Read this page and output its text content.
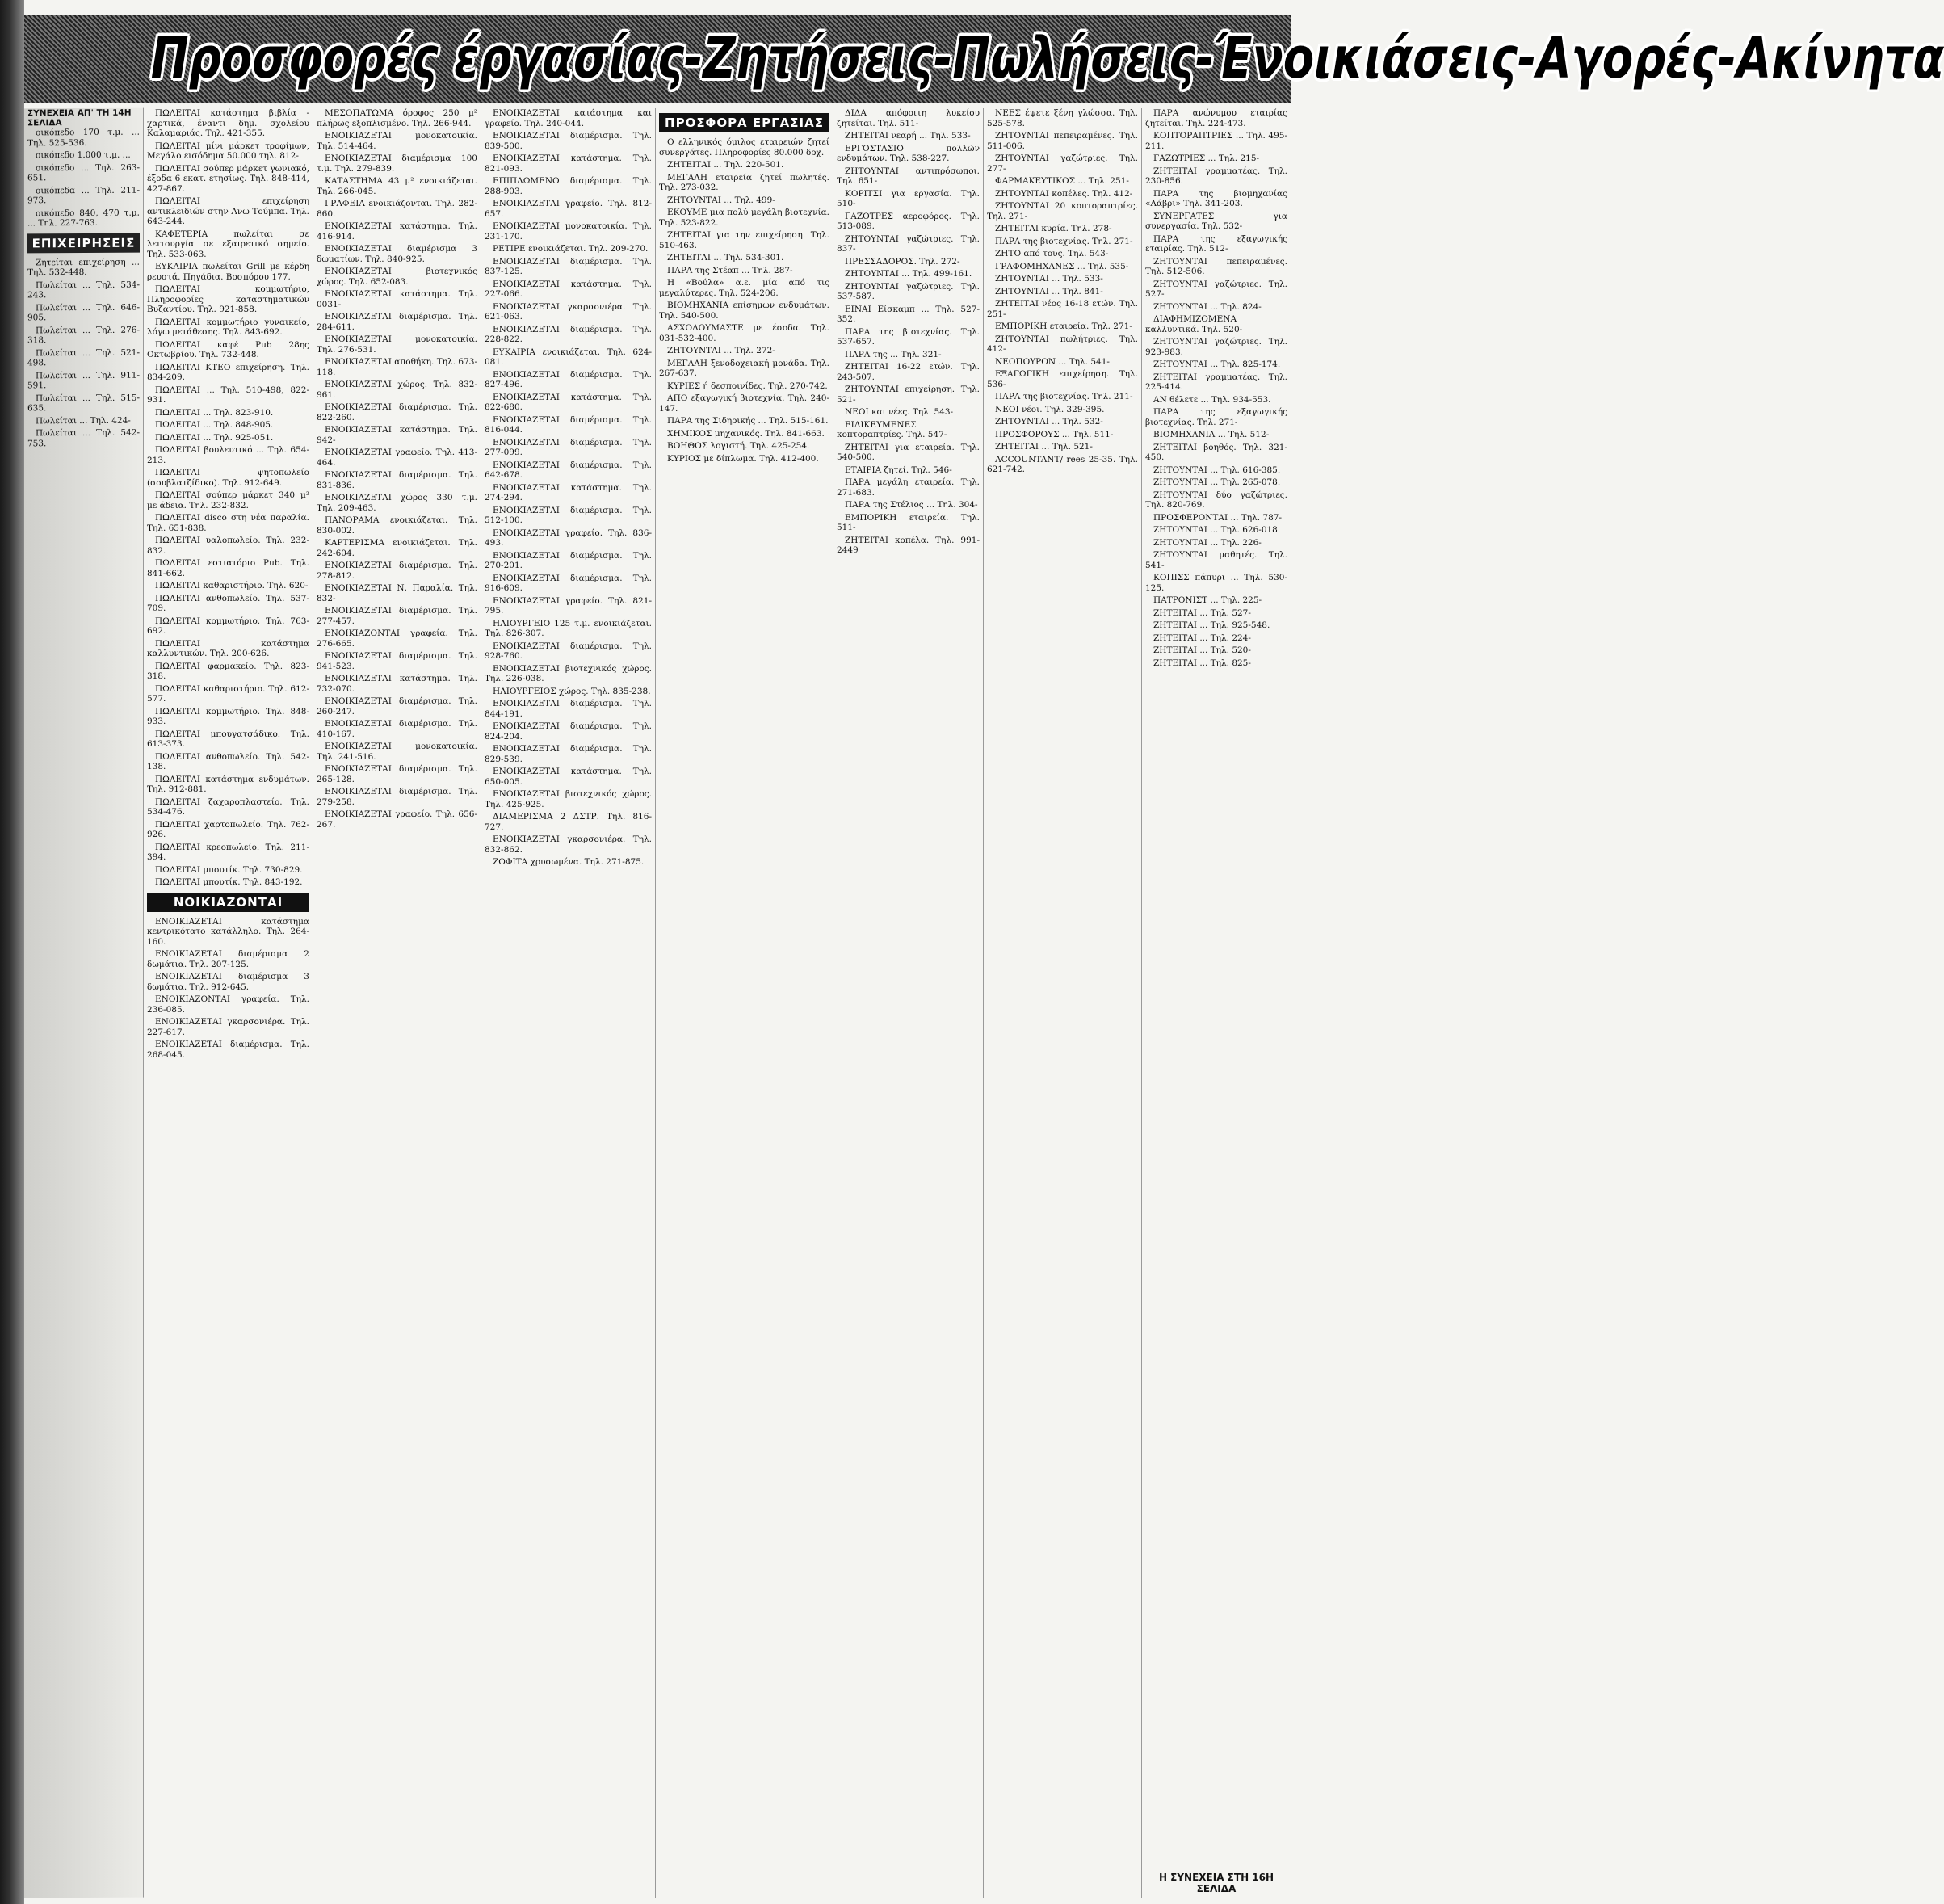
Προσφορές έργασίας-Ζητήσεις-Πωλήσεις-Ένοικιάσεις-Αγορές-Ακίνητα
ΣΥΝΕΧΕΙΑ ΑΠ' ΤΗ 14Η ΣΕΛΙΔΑ

οικόπεδο 170 τ.μ. ... Τηλ. 525-536.

οικόπεδο 1.000 τ.μ. ...

οικόπεδο ... Τηλ. 263-651.

οικόπεδα ... Τηλ. 211-973.

οικόπεδο 840, 470 τ.μ. ... Τηλ. 227-763.

ΕΠΙΧΕΙΡΗΣΕΙΣ

Ζητείται επιχείρηση ... Τηλ. 532-448.

Πωλείται ... Τηλ. 534-243.

Πωλείται ... Τηλ. 646-905.

Πωλείται ... Τηλ. 276-318.

Πωλείται ... Τηλ. 521-498.

Πωλείται ... Τηλ. 911-591.

Πωλείται ... Τηλ. 515-635.

Πωλείται ... Τηλ. 424-

Πωλείται ... Τηλ. 542-753.

ΠΩΛΕΙΤΑΙ κατάστημα βιβλία - χαρτικά, έναντι δημ. σχολείου Καλαμαριάς. Τηλ. 421-355.

ΠΩΛΕΙΤΑΙ μίνι μάρκετ τροφίμων, Μεγάλο εισόδημα 50.000 τηλ. 812-

ΠΩΛΕΙΤΑΙ σούπερ μάρκετ γωνιακό, έξοδα 6 εκατ. ετησίως. Τηλ. 848-414, 427-867.

ΠΩΛΕΙΤΑΙ επιχείρηση αντικλειδιών στην Ανω Τούμπα. Τηλ. 643-244.

ΚΑΦΕΤΕΡΙΑ πωλείται σε λειτουργία σε εξαιρετικό σημείο. Τηλ. 533-063.

ΕΥΚΑΙΡΙΑ πωλείται Grill με κέρδη ρευστά. Πηγάδια. Βοσπόρου 177.

ΠΩΛΕΙΤΑΙ κομμωτήριο, Πληροφορίες καταστηματικών Βυζαντίου. Τηλ. 921-858.

ΠΩΛΕΙΤΑΙ κομμωτήριο γυναικείο, λόγω μετάθεσης. Τηλ. 843-692.

ΠΩΛΕΙΤΑΙ καφέ Pub 28ης Οκτωβρίου. Τηλ. 732-448.

ΠΩΛΕΙΤΑΙ ΚΤΕΟ επιχείρηση. Τηλ. 834-209.

ΠΩΛΕΙΤΑΙ ... Τηλ. 510-498, 822-931.

ΠΩΛΕΙΤΑΙ ... Τηλ. 823-910.

ΠΩΛΕΙΤΑΙ ... Τηλ. 848-905.

ΠΩΛΕΙΤΑΙ ... Τηλ. 925-051.

ΠΩΛΕΙΤΑΙ βουλευτικό ... Τηλ. 654-213.

ΠΩΛΕΙΤΑΙ ψητοπωλείο (σουβλατζίδικο). Τηλ. 912-649.

ΠΩΛΕΙΤΑΙ σούπερ μάρκετ 340 μ² με άδεια. Τηλ. 232-832.

ΠΩΛΕΙΤΑΙ disco στη νέα παραλία. Τηλ. 651-838.

ΠΩΛΕΙΤΑΙ υαλοπωλείο. Τηλ. 232-832.

ΠΩΛΕΙΤΑΙ εστιατόριο Pub. Τηλ. 841-662.

ΠΩΛΕΙΤΑΙ καθαριστήριο. Τηλ. 620-

ΠΩΛΕΙΤΑΙ ανθοπωλείο. Τηλ. 537-709.

ΠΩΛΕΙΤΑΙ κομμωτήριο. Τηλ. 763-692.

ΠΩΛΕΙΤΑΙ κατάστημα καλλυντικών. Τηλ. 200-626.

ΠΩΛΕΙΤΑΙ φαρμακείο. Τηλ. 823-318.

ΠΩΛΕΙΤΑΙ καθαριστήριο. Τηλ. 612-577.

ΠΩΛΕΙΤΑΙ κομμωτήριο. Τηλ. 848-933.

ΠΩΛΕΙΤΑΙ μπουγατσάδικο. Τηλ. 613-373.

ΠΩΛΕΙΤΑΙ ανθοπωλείο. Τηλ. 542-138.

ΠΩΛΕΙΤΑΙ κατάστημα ενδυμάτων. Τηλ. 912-881.

ΠΩΛΕΙΤΑΙ ζαχαροπλαστείο. Τηλ. 534-476.

ΠΩΛΕΙΤΑΙ χαρτοπωλείο. Τηλ. 762-926.

ΠΩΛΕΙΤΑΙ κρεοπωλείο. Τηλ. 211-394.

ΠΩΛΕΙΤΑΙ μπουτίκ. Τηλ. 730-829.

ΠΩΛΕΙΤΑΙ μπουτίκ. Τηλ. 843-192.

ΝΟΙΚΙΑΖΟΝΤΑΙ

ΕΝΟΙΚΙΑΖΕΤΑΙ κατάστημα κεντρικότατο κατάλληλο. Τηλ. 264-160.

ΕΝΟΙΚΙΑΖΕΤΑΙ διαμέρισμα 2 δωμάτια. Τηλ. 207-125.

ΕΝΟΙΚΙΑΖΕΤΑΙ διαμέρισμα 3 δωμάτια. Τηλ. 912-645.

ΕΝΟΙΚΙΑΖΟΝΤΑΙ γραφεία. Τηλ. 236-085.

ΕΝΟΙΚΙΑΖΕΤΑΙ γκαρσονιέρα. Τηλ. 227-617.

ΕΝΟΙΚΙΑΖΕΤΑΙ διαμέρισμα. Τηλ. 268-045.

ΜΕΣΟΠΑΤΩΜΑ όροφος 250 μ² πλήρως εξοπλισμένο. Τηλ. 266-944.

ΕΝΟΙΚΙΑΖΕΤΑΙ μονοκατοικία. Τηλ. 514-464.

ΕΝΟΙΚΙΑΖΕΤΑΙ διαμέρισμα 100 τ.μ. Τηλ. 279-839.

ΚΑΤΑΣΤΗΜΑ 43 μ² ενοικιάζεται. Τηλ. 266-045.

ΓΡΑΦΕΙΑ ενοικιάζονται. Τηλ. 282-860.

ΕΝΟΙΚΙΑΖΕΤΑΙ κατάστημα. Τηλ. 416-914.

ΕΝΟΙΚΙΑΖΕΤΑΙ διαμέρισμα 3 δωματίων. Τηλ. 840-925.

ΕΝΟΙΚΙΑΖΕΤΑΙ βιοτεχνικός χώρος. Τηλ. 652-083.

ΕΝΟΙΚΙΑΖΕΤΑΙ κατάστημα. Τηλ. 0031-

ΕΝΟΙΚΙΑΖΕΤΑΙ διαμέρισμα. Τηλ. 284-611.

ΕΝΟΙΚΙΑΖΕΤΑΙ μονοκατοικία. Τηλ. 276-531.

ΕΝΟΙΚΙΑΖΕΤΑΙ αποθήκη. Τηλ. 673-118.

ΕΝΟΙΚΙΑΖΕΤΑΙ χώρος. Τηλ. 832-961.

ΕΝΟΙΚΙΑΖΕΤΑΙ διαμέρισμα. Τηλ. 822-260.

ΕΝΟΙΚΙΑΖΕΤΑΙ κατάστημα. Τηλ. 942-

ΕΝΟΙΚΙΑΖΕΤΑΙ γραφείο. Τηλ. 413-464.

ΕΝΟΙΚΙΑΖΕΤΑΙ διαμέρισμα. Τηλ. 831-836.

ΕΝΟΙΚΙΑΖΕΤΑΙ χώρος 330 τ.μ. Τηλ. 209-463.

ΠΑΝΟΡΑΜΑ ενοικιάζεται. Τηλ. 830-002.

ΚΑΡΤΕΡΙΣΜΑ ενοικιάζεται. Τηλ. 242-604.

ΕΝΟΙΚΙΑΖΕΤΑΙ διαμέρισμα. Τηλ. 278-812.

ΕΝΟΙΚΙΑΖΕΤΑΙ Ν. Παραλία. Τηλ. 832-

ΕΝΟΙΚΙΑΖΕΤΑΙ διαμέρισμα. Τηλ. 277-457.

ΕΝΟΙΚΙΑΖΟΝΤΑΙ γραφεία. Τηλ. 276-665.

ΕΝΟΙΚΙΑΖΕΤΑΙ διαμέρισμα. Τηλ. 941-523.

ΕΝΟΙΚΙΑΖΕΤΑΙ κατάστημα. Τηλ. 732-070.

ΕΝΟΙΚΙΑΖΕΤΑΙ διαμέρισμα. Τηλ. 260-247.

ΕΝΟΙΚΙΑΖΕΤΑΙ διαμέρισμα. Τηλ. 410-167.

ΕΝΟΙΚΙΑΖΕΤΑΙ μονοκατοικία. Τηλ. 241-516.

ΕΝΟΙΚΙΑΖΕΤΑΙ διαμέρισμα. Τηλ. 265-128.

ΕΝΟΙΚΙΑΖΕΤΑΙ διαμέρισμα. Τηλ. 279-258.

ΕΝΟΙΚΙΑΖΕΤΑΙ γραφείο. Τηλ. 656-267.

ΕΝΟΙΚΙΑΖΕΤΑΙ κατάστημα και γραφείο. Τηλ. 240-044.

ΕΝΟΙΚΙΑΖΕΤΑΙ διαμέρισμα. Τηλ. 839-500.

ΕΝΟΙΚΙΑΖΕΤΑΙ κατάστημα. Τηλ. 821-093.

ΕΠΙΠΛΩΜΕΝΟ διαμέρισμα. Τηλ. 288-903.

ΕΝΟΙΚΙΑΖΕΤΑΙ γραφείο. Τηλ. 812-657.

ΕΝΟΙΚΙΑΖΕΤΑΙ μονοκατοικία. Τηλ. 231-170.

ΡΕΤΙΡΕ ενοικιάζεται. Τηλ. 209-270.

ΕΝΟΙΚΙΑΖΕΤΑΙ διαμέρισμα. Τηλ. 837-125.

ΕΝΟΙΚΙΑΖΕΤΑΙ κατάστημα. Τηλ. 227-066.

ΕΝΟΙΚΙΑΖΕΤΑΙ γκαρσονιέρα. Τηλ. 621-063.

ΕΝΟΙΚΙΑΖΕΤΑΙ διαμέρισμα. Τηλ. 228-822.

ΕΥΚΑΙΡΙΑ ενοικιάζεται. Τηλ. 624-081.

ΕΝΟΙΚΙΑΖΕΤΑΙ διαμέρισμα. Τηλ. 827-496.

ΕΝΟΙΚΙΑΖΕΤΑΙ κατάστημα. Τηλ. 822-680.

ΕΝΟΙΚΙΑΖΕΤΑΙ διαμέρισμα. Τηλ. 816-044.

ΕΝΟΙΚΙΑΖΕΤΑΙ διαμέρισμα. Τηλ. 277-099.

ΕΝΟΙΚΙΑΖΕΤΑΙ διαμέρισμα. Τηλ. 642-678.

ΕΝΟΙΚΙΑΖΕΤΑΙ κατάστημα. Τηλ. 274-294.

ΕΝΟΙΚΙΑΖΕΤΑΙ διαμέρισμα. Τηλ. 512-100.

ΕΝΟΙΚΙΑΖΕΤΑΙ γραφείο. Τηλ. 836-493.

ΕΝΟΙΚΙΑΖΕΤΑΙ διαμέρισμα. Τηλ. 270-201.

ΕΝΟΙΚΙΑΖΕΤΑΙ διαμέρισμα. Τηλ. 916-609.

ΕΝΟΙΚΙΑΖΕΤΑΙ γραφείο. Τηλ. 821-795.

ΗΛΙΟΥΡΓΕΙΟ 125 τ.μ. ενοικιάζεται. Τηλ. 826-307.

ΕΝΟΙΚΙΑΖΕΤΑΙ διαμέρισμα. Τηλ. 928-760.

ΕΝΟΙΚΙΑΖΕΤΑΙ βιοτεχνικός χώρος. Τηλ. 226-038.

ΗΛΙΟΥΡΓΕΙΟΣ χώρος. Τηλ. 835-238.

ΕΝΟΙΚΙΑΖΕΤΑΙ διαμέρισμα. Τηλ. 844-191.

ΕΝΟΙΚΙΑΖΕΤΑΙ διαμέρισμα. Τηλ. 824-204.

ΕΝΟΙΚΙΑΖΕΤΑΙ διαμέρισμα. Τηλ. 829-539.

ΕΝΟΙΚΙΑΖΕΤΑΙ κατάστημα. Τηλ. 650-005.

ΕΝΟΙΚΙΑΖΕΤΑΙ βιοτεχνικός χώρος. Τηλ. 425-925.

ΔΙΑΜΕΡΙΣΜΑ 2 ΔΣΤΡ. Τηλ. 816-727.

ΕΝΟΙΚΙΑΖΕΤΑΙ γκαρσονιέρα. Τηλ. 832-862.

ΖΟΦΙΤΑ χρυσωμένα. Τηλ. 271-875.

ΠΡΟΣΦΟΡΑ ΕΡΓΑΣΙΑΣ

Ο ελληνικός όμιλος εταιρειών ζητεί συνεργάτες. Πληροφορίες 80.000 δρχ.

ΖΗΤΕΙΤΑΙ ... Τηλ. 220-501.

ΜΕΓΑΛΗ εταιρεία ζητεί πωλητές. Τηλ. 273-032.

ΖΗΤΟΥΝΤΑΙ ... Τηλ. 499-

ΕΚΟΥΜΕ μια πολύ μεγάλη βιοτεχνία. Τηλ. 523-822.

ΖΗΤΕΙΤΑΙ για την επιχείρηση. Τηλ. 510-463.

ΖΗΤΕΙΤΑΙ ... Τηλ. 534-301.

ΠΑΡΑ της Στέαπ ... Τηλ. 287-

Η «Βούλα» α.ε. μία από τις μεγαλύτερες. Τηλ. 524-206.

ΒΙΟΜΗΧΑΝΙΑ επίσημων ενδυμάτων. Τηλ. 540-500.

ΑΣΧΟΛΟΥΜΑΣΤΕ με έσοδα. Τηλ. 031-532-400.

ΖΗΤΟΥΝΤΑΙ ... Τηλ. 272-

ΜΕΓΑΛΗ ξενοδοχειακή μονάδα. Τηλ. 267-637.

ΚΥΡΙΕΣ ή δεσποινίδες. Τηλ. 270-742.

ΑΠΟ εξαγωγική βιοτεχνία. Τηλ. 240-147.

ΠΑΡΑ της Σιδηρικής ... Τηλ. 515-161.

ΧΗΜΙΚΟΣ μηχανικός. Τηλ. 841-663.

ΒΟΗΘΟΣ λογιστή. Τηλ. 425-254.

ΚΥΡΙΟΣ με δίπλωμα. Τηλ. 412-400.

ΔΙΔΑ απόφοιτη λυκείου ζητείται. Τηλ. 511-

ΖΗΤΕΙΤΑΙ νεαρή ... Τηλ. 533-

ΕΡΓΟΣΤΑΣΙΟ πολλών ενδυμάτων. Τηλ. 538-227.

ΖΗΤΟΥΝΤΑΙ αντιπρόσωποι. Τηλ. 651-

ΚΟΡΙΤΣΙ για εργασία. Τηλ. 510-

ΓΑΖΟΤΡΕΣ αεροφόρος. Τηλ. 513-089.

ΖΗΤΟΥΝΤΑΙ γαζώτριες. Τηλ. 837-

ΠΡΕΣΣΑΔΟΡΟΣ. Τηλ. 272-

ΖΗΤΟΥΝΤΑΙ ... Τηλ. 499-161.

ΖΗΤΟΥΝΤΑΙ γαζώτριες. Τηλ. 537-587.

ΕΙΝΑΙ Είσκαμπ ... Τηλ. 527-352.

ΠΑΡΑ της βιοτεχνίας. Τηλ. 537-657.

ΠΑΡΑ της ... Τηλ. 321-

ΖΗΤΕΙΤΑΙ 16-22 ετών. Τηλ. 243-507.

ΖΗΤΟΥΝΤΑΙ επιχείρηση. Τηλ. 521-

ΝΕΟΙ και νέες. Τηλ. 543-

ΕΙΔΙΚΕΥΜΕΝΕΣ κοπτοραπτρίες. Τηλ. 547-

ΖΗΤΕΙΤΑΙ για εταιρεία. Τηλ. 540-500.

ΕΤΑΙΡΙΑ ζητεί. Τηλ. 546-

ΠΑΡΑ μεγάλη εταιρεία. Τηλ. 271-683.

ΠΑΡΑ της Στέλιος ... Τηλ. 304-

ΕΜΠΟΡΙΚΗ εταιρεία. Τηλ. 511-

ΖΗΤΕΙΤΑΙ κοπέλα. Τηλ. 991-2449

ΝΕΕΣ έψετε ξένη γλώσσα. Τηλ. 525-578.

ΖΗΤΟΥΝΤΑΙ πεπειραμένες. Τηλ. 511-006.

ΖΗΤΟΥΝΤΑΙ γαζώτριες. Τηλ. 277-

ΦΑΡΜΑΚΕΥΤΙΚΟΣ ... Τηλ. 251-

ΖΗΤΟΥΝΤΑΙ κοπέλες. Τηλ. 412-

ΖΗΤΟΥΝΤΑΙ 20 κοπτοραπτρίες. Τηλ. 271-

ΖΗΤΕΙΤΑΙ κυρία. Τηλ. 278-

ΠΑΡΑ της βιοτεχνίας. Τηλ. 271-

ΖΗΤΟ από τους. Τηλ. 543-

ΓΡΑΦΟΜΗΧΑΝΕΣ ... Τηλ. 535-

ΖΗΤΟΥΝΤΑΙ ... Τηλ. 533-

ΖΗΤΟΥΝΤΑΙ ... Τηλ. 841-

ΖΗΤΕΙΤΑΙ νέος 16-18 ετών. Τηλ. 251-

ΕΜΠΟΡΙΚΗ εταιρεία. Τηλ. 271-

ΖΗΤΟΥΝΤΑΙ πωλήτριες. Τηλ. 412-

ΝΕΟΠΟΥΡΟΝ ... Τηλ. 541-

ΕΞΑΓΩΓΙΚΗ επιχείρηση. Τηλ. 536-

ΠΑΡΑ της βιοτεχνίας. Τηλ. 211-

ΝΕΟΙ νέοι. Τηλ. 329-395.

ΖΗΤΟΥΝΤΑΙ ... Τηλ. 532-

ΠΡΟΣΦΟΡΟΥΣ ... Τηλ. 511-

ΖΗΤΕΙΤΑΙ ... Τηλ. 521-

ACCOUNTANT/ rees 25-35. Τηλ. 621-742.

ΠΑΡΑ ανώνυμου εταιρίας ζητείται. Τηλ. 224-473.

ΚΟΠΤΟΡΑΠΤΡΙΕΣ ... Τηλ. 495-211.

ΓΑΖΩΤΡΙΕΣ ... Τηλ. 215-

ΖΗΤΕΙΤΑΙ γραμματέας. Τηλ. 230-856.

ΠΑΡΑ της βιομηχανίας «Λάβρι» Τηλ. 341-203.

ΣΥΝΕΡΓΑΤΕΣ για συνεργασία. Τηλ. 532-

ΠΑΡΑ της εξαγωγικής εταιρίας. Τηλ. 512-

ΖΗΤΟΥΝΤΑΙ πεπειραμένες. Τηλ. 512-506.

ΖΗΤΟΥΝΤΑΙ γαζώτριες. Τηλ. 527-

ΖΗΤΟΥΝΤΑΙ ... Τηλ. 824-

ΔΙΑΦΗΜΙΖΟΜΕΝΑ καλλυντικά. Τηλ. 520-

ΖΗΤΟΥΝΤΑΙ γαζώτριες. Τηλ. 923-983.

ΖΗΤΟΥΝΤΑΙ ... Τηλ. 825-174.

ΖΗΤΕΙΤΑΙ γραμματέας. Τηλ. 225-414.

ΑΝ θέλετε ... Τηλ. 934-553.

ΠΑΡΑ της εξαγωγικής βιοτεχνίας. Τηλ. 271-

ΒΙΟΜΗΧΑΝΙΑ ... Τηλ. 512-

ΖΗΤΕΙΤΑΙ βοηθός. Τηλ. 321-450.

ΖΗΤΟΥΝΤΑΙ ... Τηλ. 616-385.

ΖΗΤΟΥΝΤΑΙ ... Τηλ. 265-078.

ΖΗΤΟΥΝΤΑΙ δύο γαζώτριες. Τηλ. 820-769.

ΠΡΟΣΦΕΡΟΝΤΑΙ ... Τηλ. 787-

ΖΗΤΟΥΝΤΑΙ ... Τηλ. 626-018.

ΖΗΤΟΥΝΤΑΙ ... Τηλ. 226-

ΖΗΤΟΥΝΤΑΙ μαθητές. Τηλ. 541-

ΚΟΠΙΣΣ πάπυρι ... Τηλ. 530-125.

ΠΑΤΡΟΝΙΣΤ ... Τηλ. 225-

ΖΗΤΕΙΤΑΙ ... Τηλ. 527-

ΖΗΤΕΙΤΑΙ ... Τηλ. 925-548.

ΖΗΤΕΙΤΑΙ ... Τηλ. 224-

ΖΗΤΕΙΤΑΙ ... Τηλ. 520-

ΖΗΤΕΙΤΑΙ ... Τηλ. 825-

Η ΣΥΝΕΧΕΙΑ ΣΤΗ 16Η ΣΕΛΙΔΑ
